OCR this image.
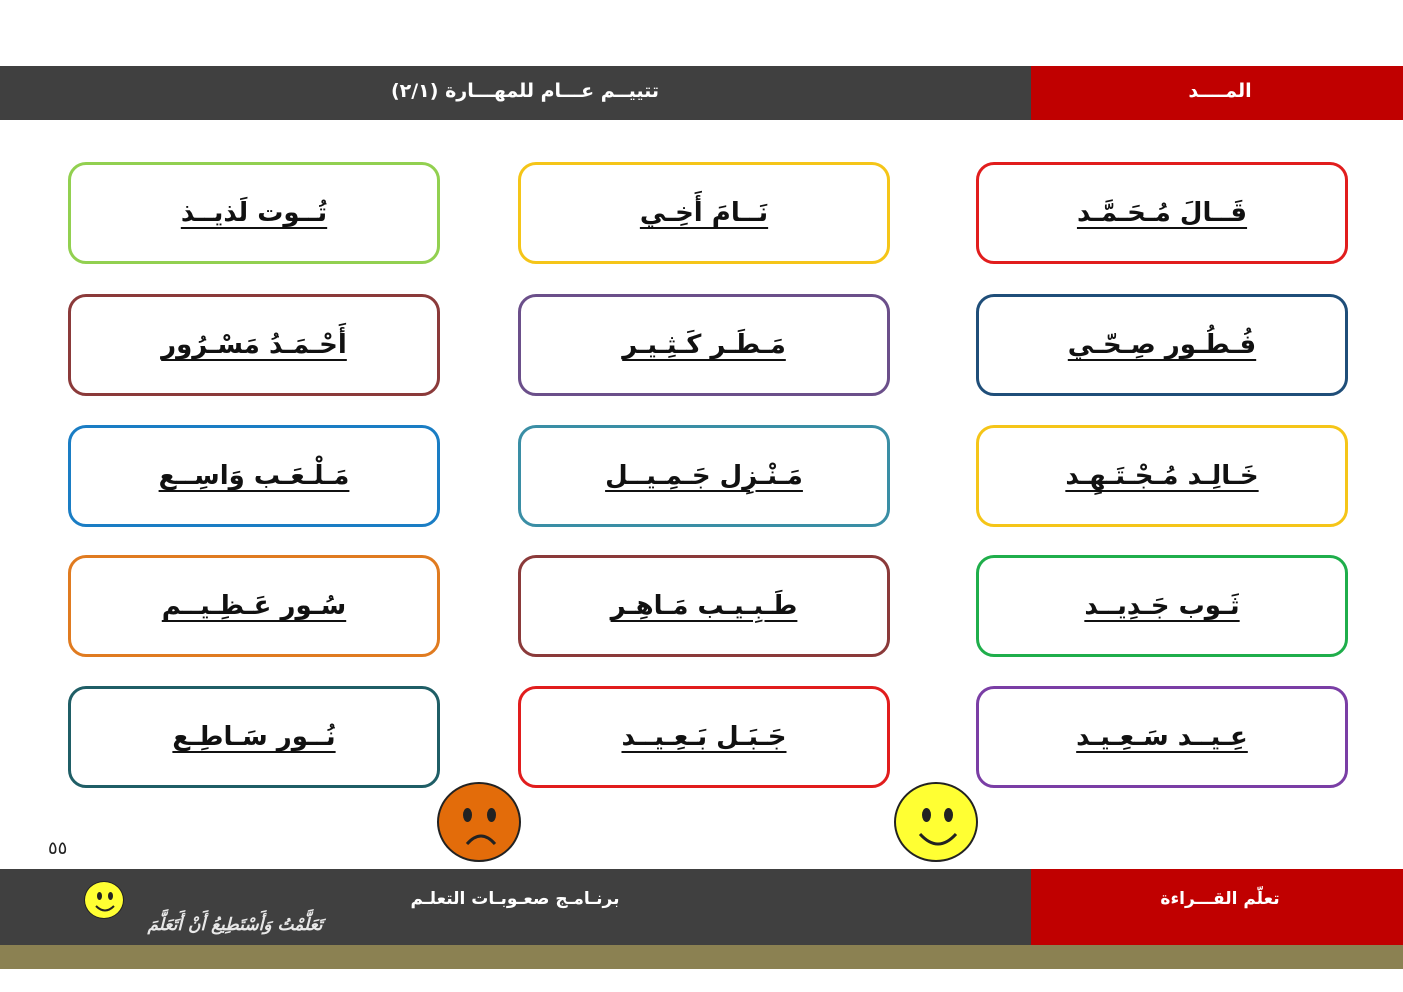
تتييــم عـــام للمهـــارة (٢/١)	المــــد
تُــوت لَذيــذ	نَــامَ أَخِـي	قَــالَ مُـحَـمَّـد
أَحْـمَـدُ مَسْـرُور	مَـطَـر كَـثِـيـر	فُـطُـور صِـحّـي
مَـلْـعَـب وَاسِــع	مَـنْـزِل جَـمِـيــل	خَـالِـد مُـجْـتَـهِـد
سُـور عَـظِـيــم	طَـبِـيـب مَـاهِـر	ثَـوب جَـدِيــد
نُــور سَـاطِـع	جَـبَـل بَـعِـيــد	عِـيــد سَـعِـيـد
٥٥
تَعَلَّمْتُ وَأَسْتَطِيعُ أَنْ أَتَعَلَّمَ
برنـامـج صعـوبـات التعلـم	تعلّم القـــراءة
